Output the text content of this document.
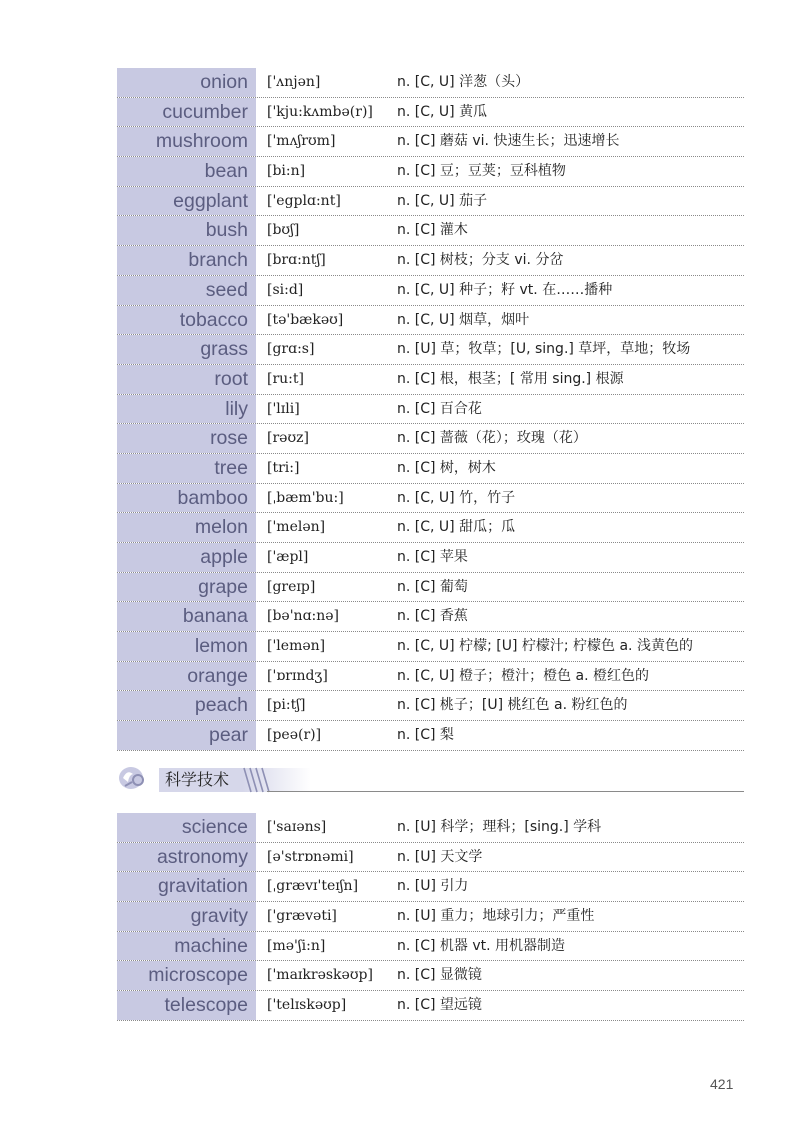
onion	['ʌnjən]	n. [C, U] 洋葱（头）
cucumber	['kju:kʌmbə(r)]	n. [C, U] 黄瓜
mushroom	['mʌʃrʊm]	n. [C] 蘑菇 vi. 快速生长；迅速增长
bean	[bi:n]	n. [C] 豆；豆荚；豆科植物
eggplant	['egplɑ:nt]	n. [C, U] 茄子
bush	[bʊʃ]	n. [C] 灌木
branch	[brɑ:ntʃ]	n. [C] 树枝；分支 vi. 分岔
seed	[si:d]	n. [C, U] 种子；籽 vt. 在……播种
tobacco	[tə'bækəʊ]	n. [C, U] 烟草，烟叶
grass	[grɑ:s]	n. [U] 草；牧草；[U, sing.] 草坪，草地；牧场
root	[ru:t]	n. [C] 根，根茎；[ 常用 sing.] 根源
lily	['lɪli]	n. [C] 百合花
rose	[rəʊz]	n. [C] 蔷薇（花）；玫瑰（花）
tree	[tri:]	n. [C] 树，树木
bamboo	[ˌbæm'bu:]	n. [C, U] 竹，竹子
melon	['melən]	n. [C, U] 甜瓜；瓜
apple	['æpl]	n. [C] 苹果
grape	[greɪp]	n. [C] 葡萄
banana	[bə'nɑ:nə]	n. [C] 香蕉
lemon	['lemən]	n. [C, U] 柠檬; [U] 柠檬汁; 柠檬色 a. 浅黄色的
orange	['ɒrɪndʒ]	n. [C, U] 橙子；橙汁；橙色 a. 橙红色的
peach	[pi:tʃ]	n. [C] 桃子；[U] 桃红色 a. 粉红色的
pear	[peə(r)]	n. [C] 梨
科学技术
science	['saɪəns]	n. [U] 科学；理科；[sing.] 学科
astronomy	[ə'strɒnəmi]	n. [U] 天文学
gravitation	[ˌgrævɪ'teɪʃn]	n. [U] 引力
gravity	['grævəti]	n. [U] 重力；地球引力；严重性
machine	[mə'ʃi:n]	n. [C] 机器 vt. 用机器制造
microscope	['maɪkrəskəʊp]	n. [C] 显微镜
telescope	['telɪskəʊp]	n. [C] 望远镜
421
